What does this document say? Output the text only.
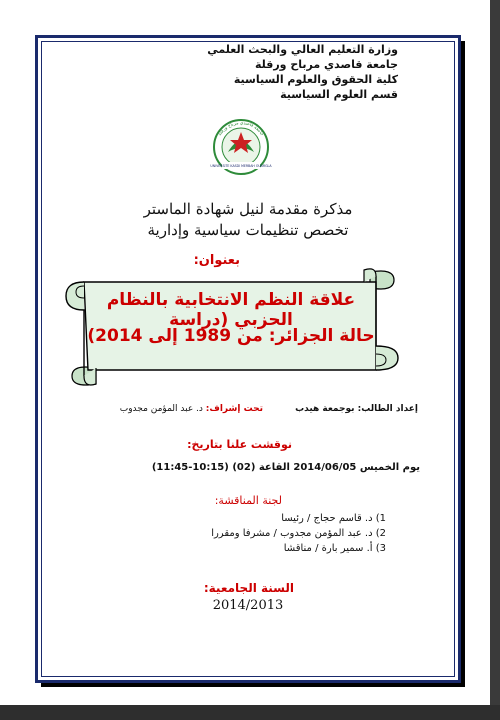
وزارة التعليم العالي والبحث العلمي
جامعة قاصدي مرباح ورقلة
كلية الحقوق والعلوم السياسية
قسم العلوم السياسية
جامعة قاصدي مرباح ورقلة
UNIVERSITE KASDI MERBAH OUARGLA
مذكرة مقدمة لنيل شهادة الماستر
تخصص تنظيمات سياسية وإدارية
بعنوان:
علاقة النظم الانتخابية بالنظام الحزبي (دراسة
حالة الجزائر: من 1989 إلى 2014)
إعداد الطالب: بوجمعة هيدب
تحت إشراف: د. عبد المؤمن مجدوب
نوقشت علنا بتاريخ:
يوم الخميس 2014/06/05 القاعة (02) (10:15-11:45)
لجنة المناقشة:
1) د. قاسم حجاج / رئيسا
2) د. عبد المؤمن مجدوب / مشرفا ومقررا
3) أ. سمير بارة / مناقشا
السنة الجامعية:
2014/2013
